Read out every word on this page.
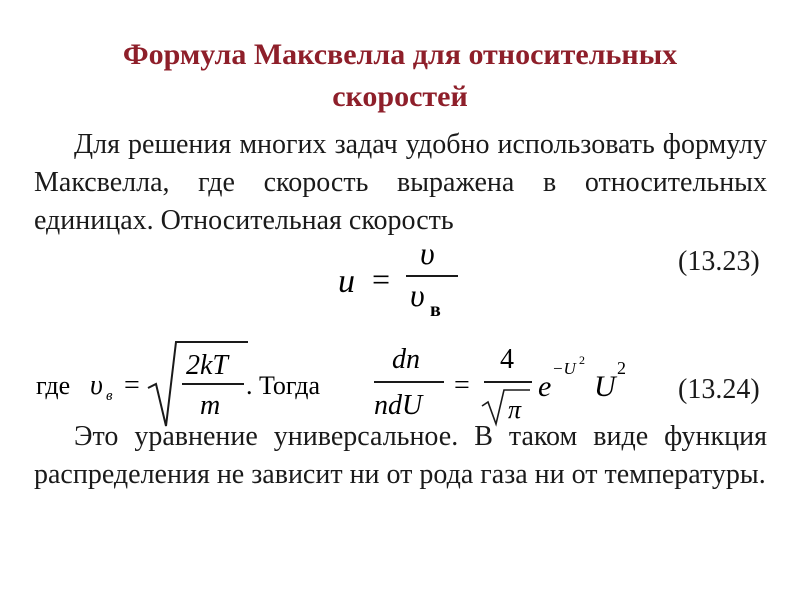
Формула Максвелла для относительных
скоростей
Для решения многих задач удобно использовать формулу Максвелла, где скорость выражена в относительных единицах. Относительная скорость
u =
υ
υ в
(13.23)
где υ в =
2kT
m
. Тогда
dn
ndU
=
4
π
e
−U 2
U
2
(13.24)
Это уравнение универсальное. В таком виде функция распределения не зависит ни от рода газа ни от температуры.
